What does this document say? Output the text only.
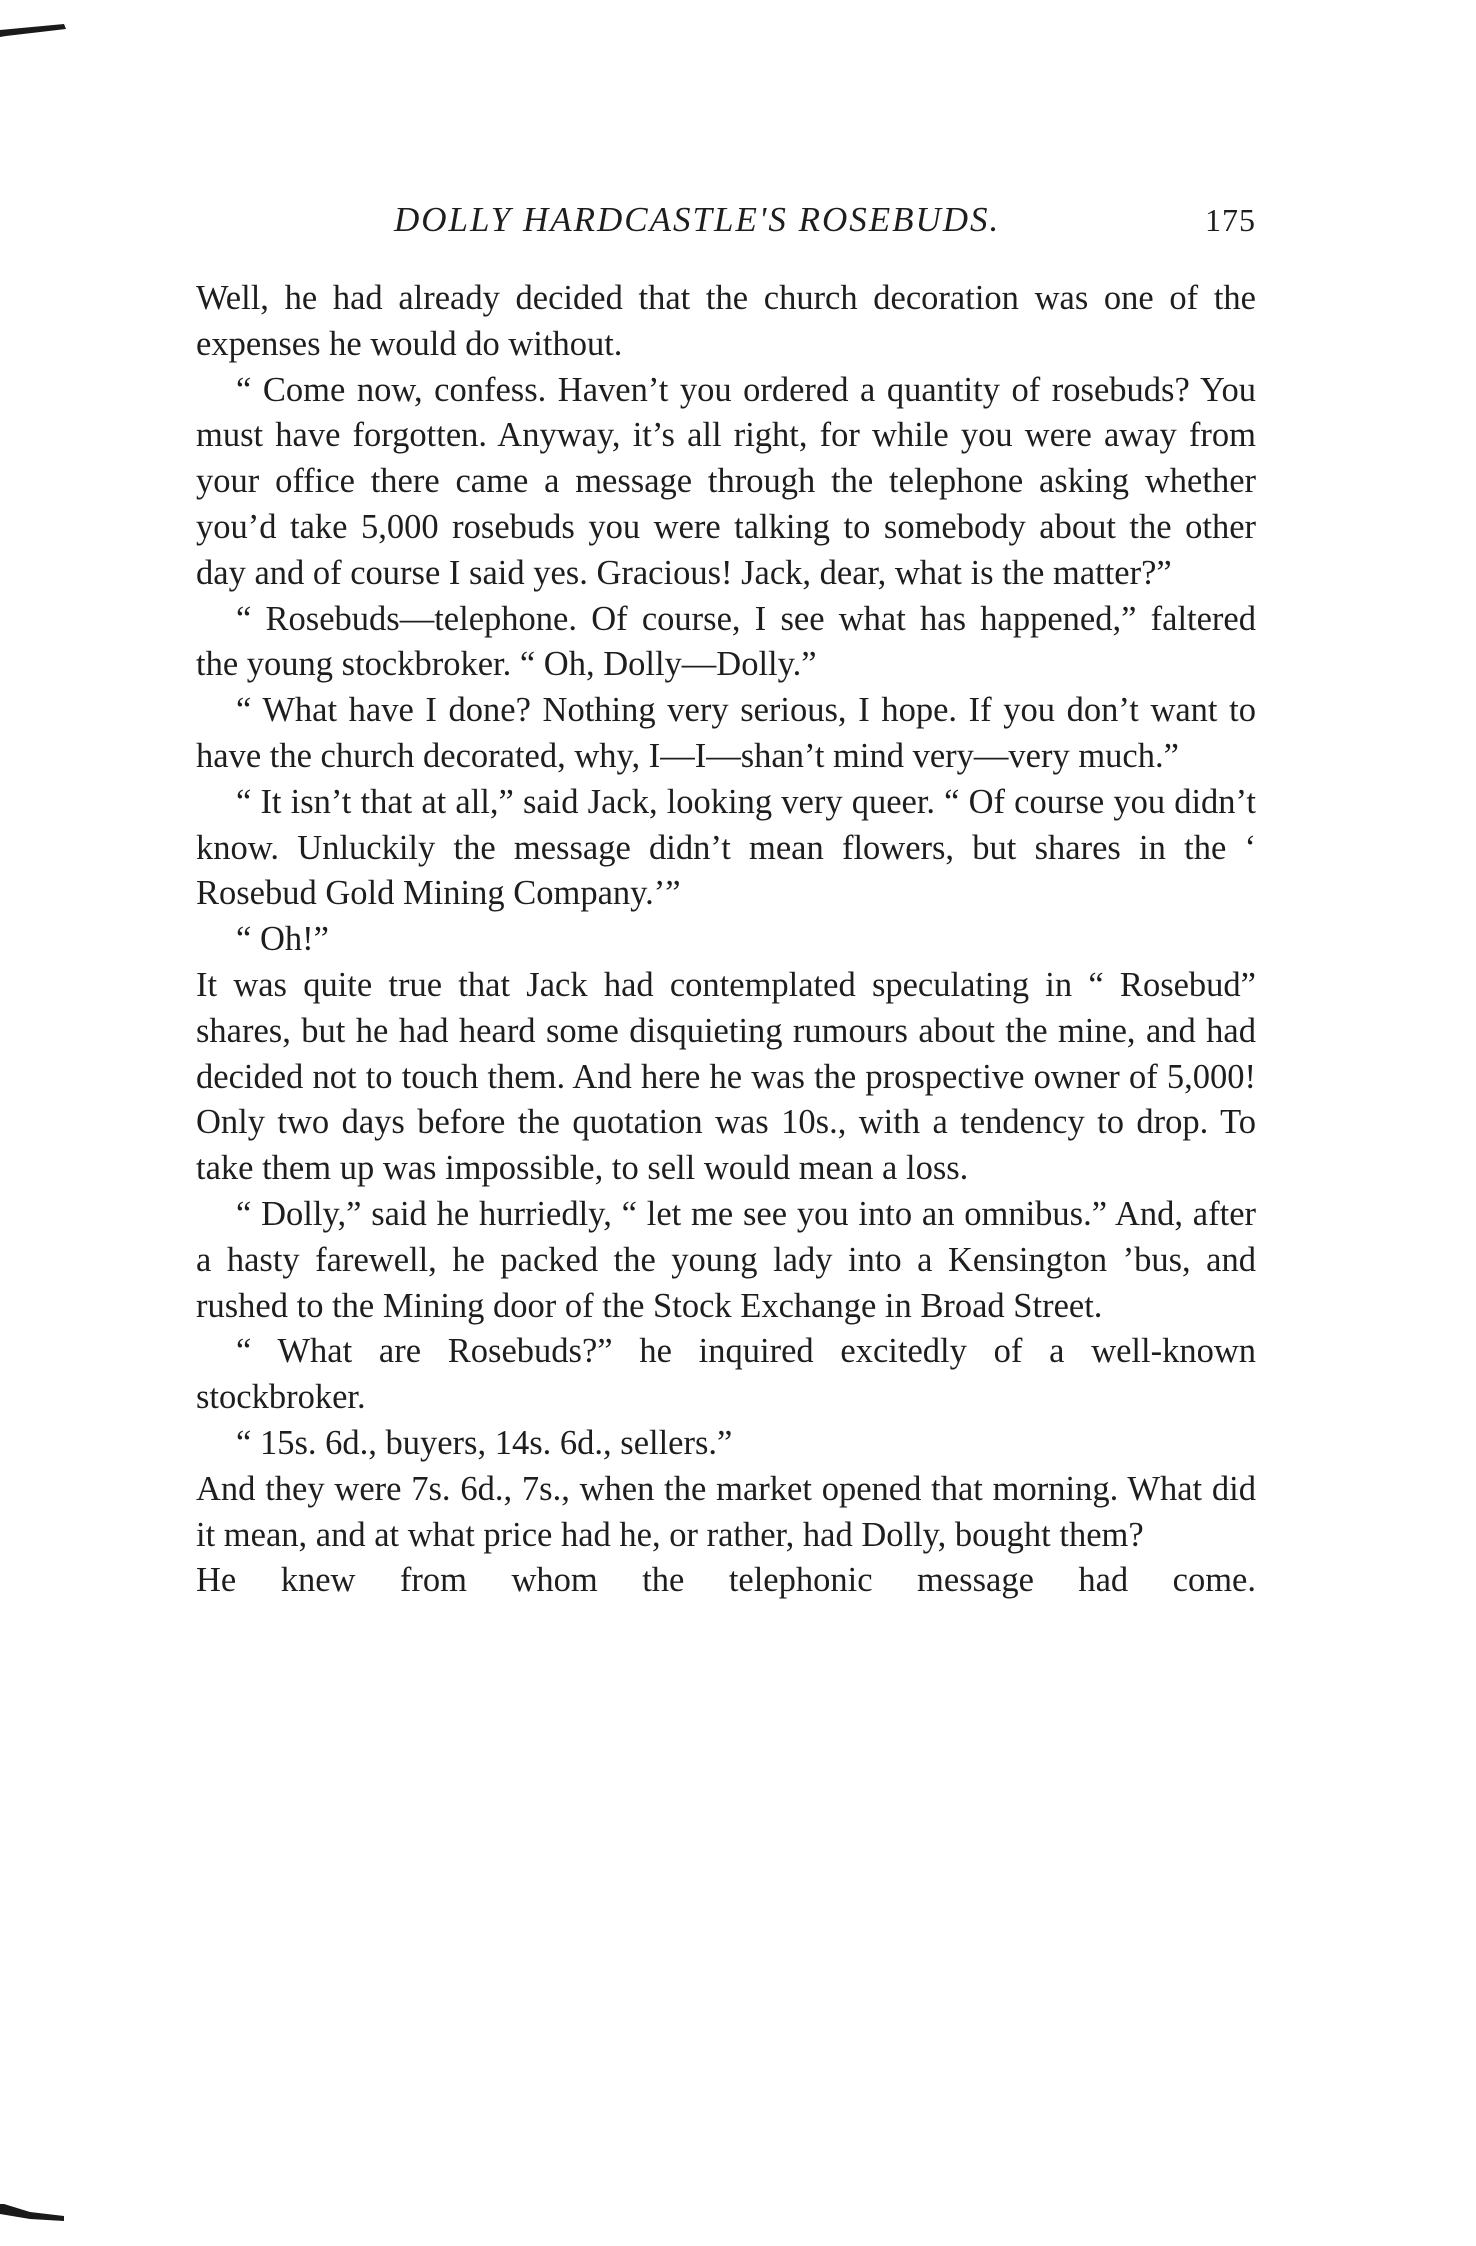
DOLLY HARDCASTLE'S ROSEBUDS.	175

Well, he had already decided that the church decoration was one of the expenses he would do without.

“ Come now, confess. Haven’t you ordered a quantity of rosebuds? You must have forgotten. Anyway, it’s all right, for while you were away from your office there came a message through the telephone asking whether you’d take 5,000 rosebuds you were talking to somebody about the other day and of course I said yes. Gracious! Jack, dear, what is the matter?”

“ Rosebuds—telephone. Of course, I see what has happened,” faltered the young stockbroker. “ Oh, Dolly—Dolly.”

“ What have I done? Nothing very serious, I hope. If you don’t want to have the church decorated, why, I—I—shan’t mind very—very much.”

“ It isn’t that at all,” said Jack, looking very queer. “ Of course you didn’t know. Unluckily the message didn’t mean flowers, but shares in the ‘ Rosebud Gold Mining Company.’”

“ Oh!”

It was quite true that Jack had contemplated speculating in “ Rosebud” shares, but he had heard some disquieting rumours about the mine, and had decided not to touch them. And here he was the prospective owner of 5,000! Only two days before the quotation was 10s., with a tendency to drop. To take them up was impossible, to sell would mean a loss.

“ Dolly,” said he hurriedly, “ let me see you into an omnibus.” And, after a hasty farewell, he packed the young lady into a Kensington ’bus, and rushed to the Mining door of the Stock Exchange in Broad Street.

“ What are Rosebuds?” he inquired excitedly of a well-known stockbroker.

“ 15s. 6d., buyers, 14s. 6d., sellers.”

And they were 7s. 6d., 7s., when the market opened that morning. What did it mean, and at what price had he, or rather, had Dolly, bought them?

He knew from whom the telephonic message had come.
